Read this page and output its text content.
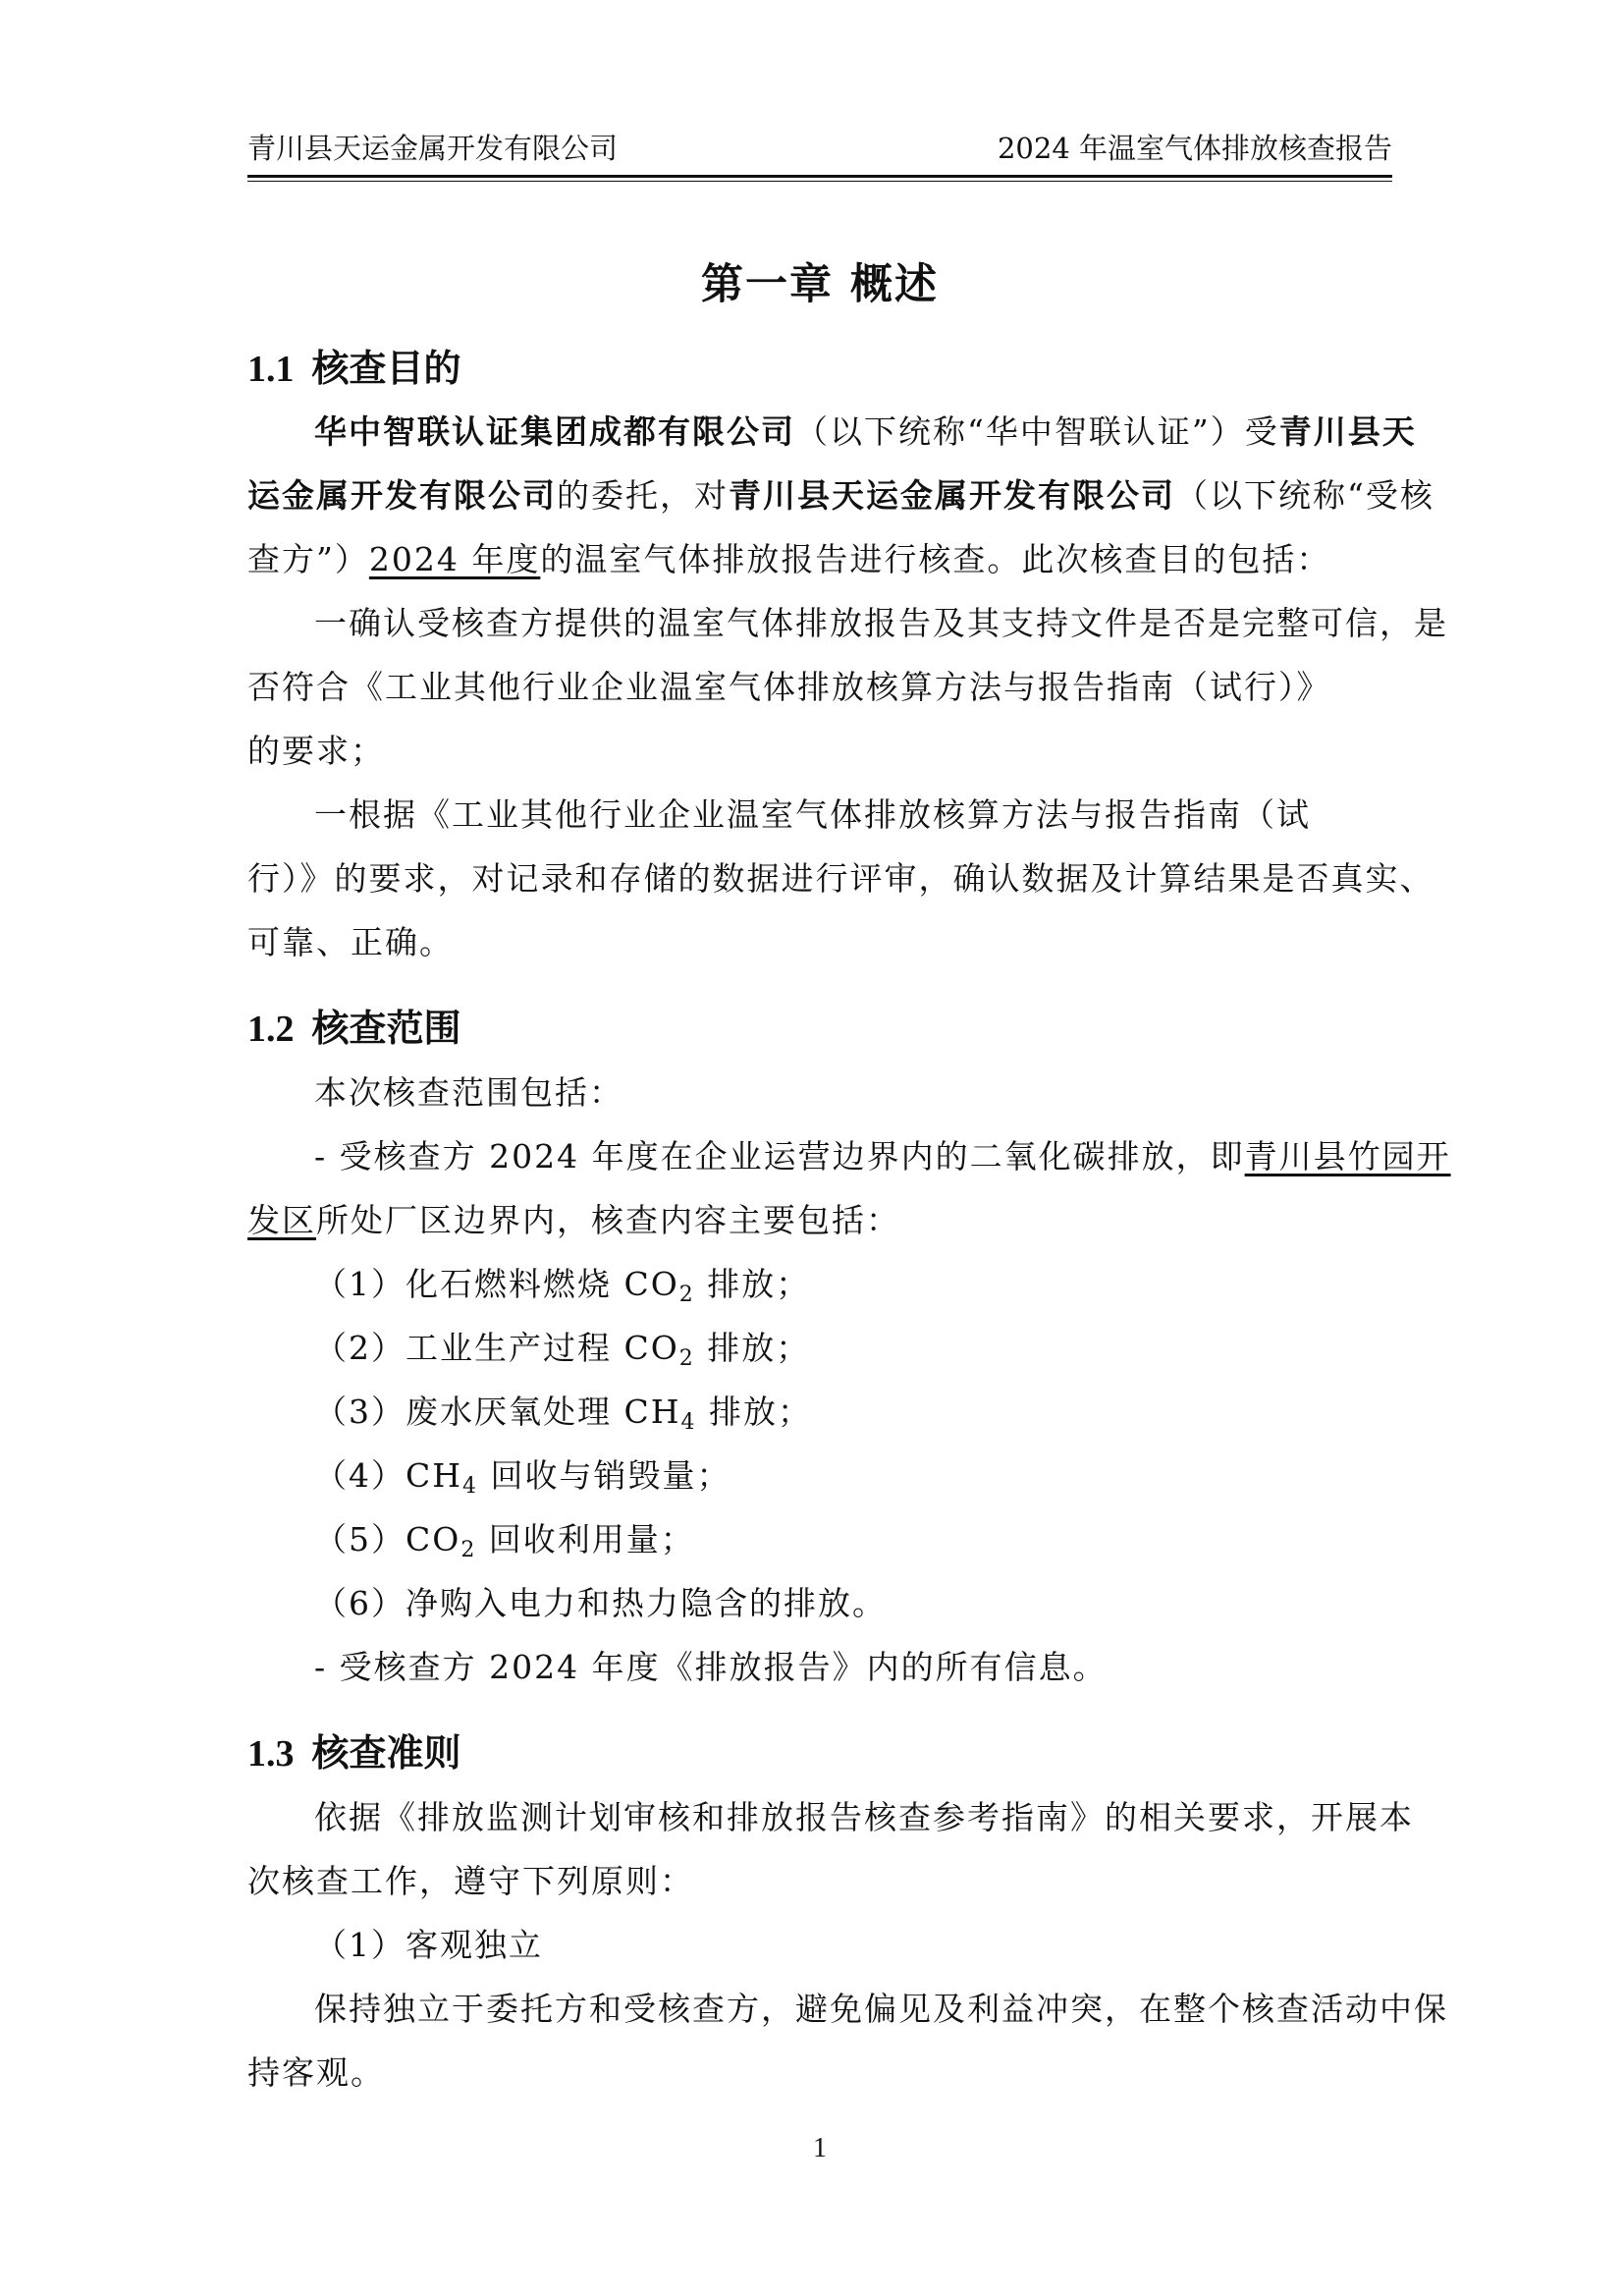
青川县天运金属开发有限公司	2024 年温室气体排放核查报告
第一章 概述
1.1 核查目的
华中智联认证集团成都有限公司（以下统称“华中智联认证”）受青川县天
运金属开发有限公司的委托，对青川县天运金属开发有限公司（以下统称“受核
查方”）2024 年度的温室气体排放报告进行核查。此次核查目的包括：
一确认受核查方提供的温室气体排放报告及其支持文件是否是完整可信，是
否符合《工业其他行业企业温室气体排放核算方法与报告指南（试行）》
的要求；
一根据《工业其他行业企业温室气体排放核算方法与报告指南（试
行）》的要求，对记录和存储的数据进行评审，确认数据及计算结果是否真实、
可靠、正确。
1.2 核查范围
本次核查范围包括：
- 受核查方 2024 年度在企业运营边界内的二氧化碳排放，即青川县竹园开
发区所处厂区边界内，核查内容主要包括：
（1）化石燃料燃烧 $CO_2$ 排放；
（2）工业生产过程 $CO_2$ 排放；
（3）废水厌氧处理 $CH_4$ 排放；
$(4)CH_4$ 回收与销毁量；
$(5)CO_2$ 回收利用量；
（6）净购入电力和热力隐含的排放。
- 受核查方 2024 年度《排放报告》内的所有信息。
1.3 核查准则
依据《排放监测计划审核和排放报告核查参考指南》的相关要求，开展本
次核查工作，遵守下列原则：
（1）客观独立
保持独立于委托方和受核查方，避免偏见及利益冲突，在整个核查活动中保
持客观。
1
